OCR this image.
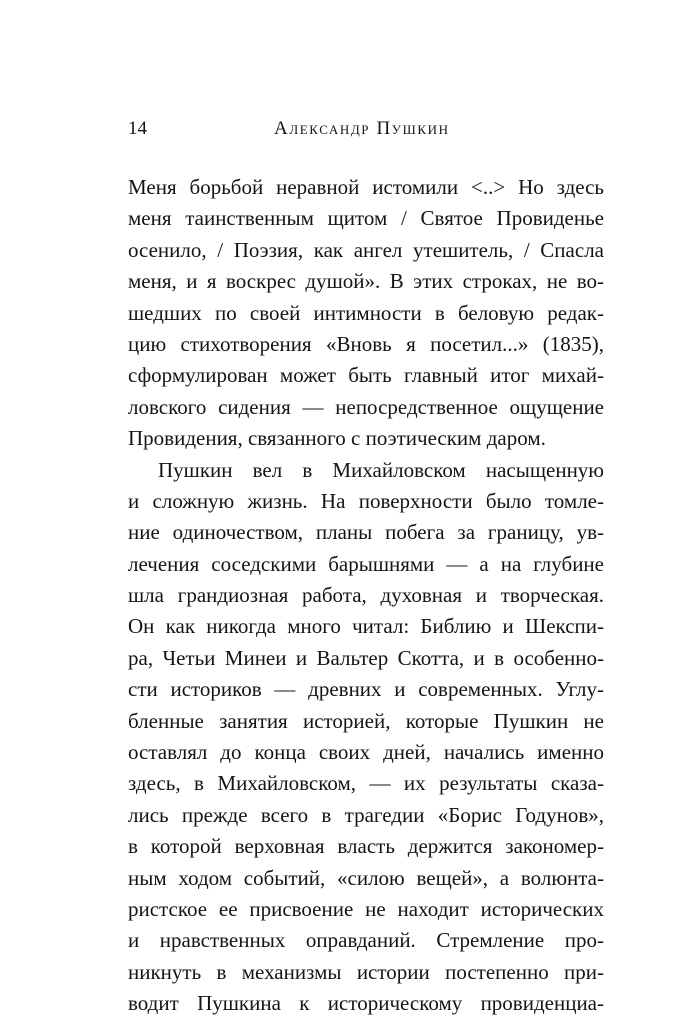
14	Александр Пушкин
Меня борьбой неравной истомили <..> Но здесь
меня таинственным щитом / Святое Провиденье
осенило, / Поэзия, как ангел утешитель, / Спасла
меня, и я воскрес душой». В этих строках, не во-
шедших по своей интимности в беловую редак-
цию стихотворения «Вновь я посетил...» (1835),
сформулирован может быть главный итог михай-
ловского сидения — непосредственное ощущение
Провидения, связанного с поэтическим даром.
Пушкин вел в Михайловском насыщенную
и сложную жизнь. На поверхности было томле-
ние одиночеством, планы побега за границу, ув-
лечения соседскими барышнями — а на глубине
шла грандиозная работа, духовная и творческая.
Он как никогда много читал: Библию и Шекспи-
ра, Четьи Минеи и Вальтер Скотта, и в особенно-
сти историков — древних и современных. Углу-
бленные занятия историей, которые Пушкин не
оставлял до конца своих дней, начались именно
здесь, в Михайловском, — их результаты сказа-
лись прежде всего в трагедии «Борис Годунов»,
в которой верховная власть держится закономер-
ным ходом событий, «силою вещей», а волюнта-
ристское ее присвоение не находит исторических
и нравственных оправданий. Стремление про-
никнуть в механизмы истории постепенно при-
водит Пушкина к историческому провиденциа-
